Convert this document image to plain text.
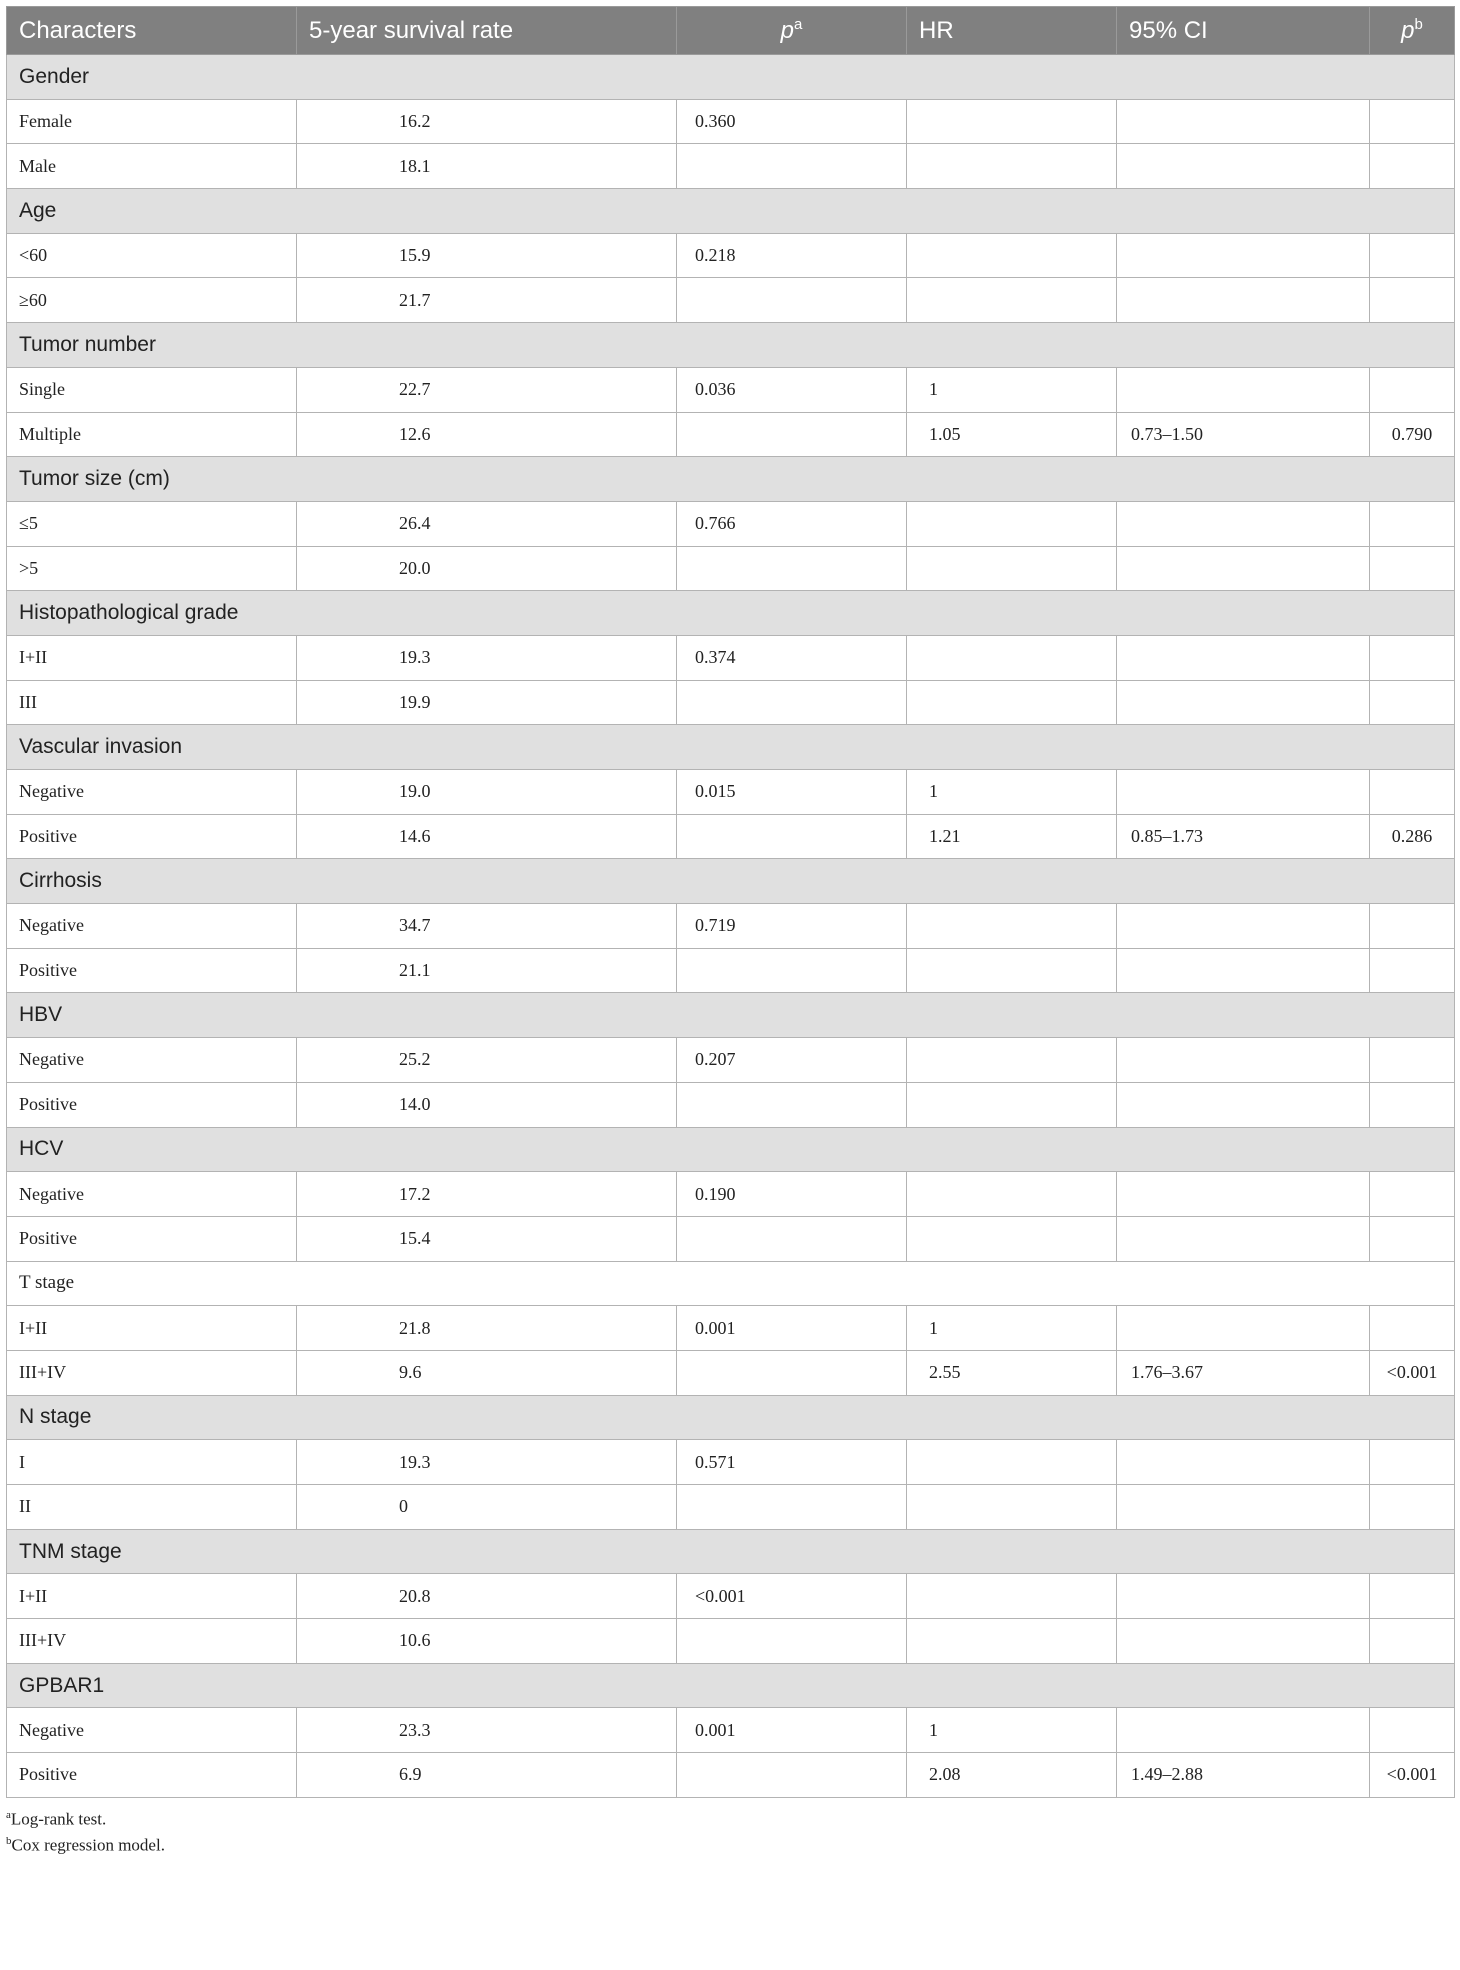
Characters	5-year survival rate	$p^a$	HR	95% CI	$p^b$
Gender					
Female	16.2	0.360			
Male	18.1				
Age					
<60	15.9	0.218			
≥60	21.7				
Tumor number					
Single	22.7	0.036	1		
Multiple	12.6		1.05	0.73–1.50	0.790
Tumor size (cm)					
≤5	26.4	0.766			
>5	20.0				
Histopathological grade					
I+II	19.3	0.374			
III	19.9				
Vascular invasion					
Negative	19.0	0.015	1		
Positive	14.6		1.21	0.85–1.73	0.286
Cirrhosis					
Negative	34.7	0.719			
Positive	21.1				
HBV					
Negative	25.2	0.207			
Positive	14.0				
HCV					
Negative	17.2	0.190			
Positive	15.4				
T stage					
I+II	21.8	0.001	1		
III+IV	9.6		2.55	1.76–3.67	<0.001
N stage					
I	19.3	0.571			
II	0				
TNM stage					
I+II	20.8	<0.001			
III+IV	10.6				
GPBAR1					
Negative	23.3	0.001	1		
Positive	6.9		2.08	1.49–2.88	<0.001
$^a$Log-rank test.
$^b$Cox regression model.
